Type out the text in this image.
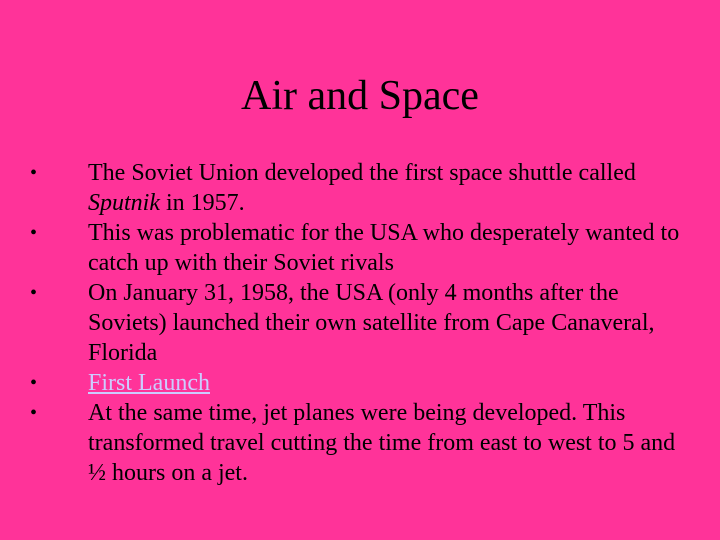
Air and Space
• The Soviet Union developed the first space shuttle called Sputnik in 1957.
• This was problematic for the USA who desperately wanted to catch up with their Soviet rivals
• On January 31, 1958, the USA (only 4 months after the Soviets) launched their own satellite from Cape Canaveral, Florida
• First Launch
• At the same time, jet planes were being developed. This transformed travel cutting the time from east to west to 5 and ½ hours on a jet.
